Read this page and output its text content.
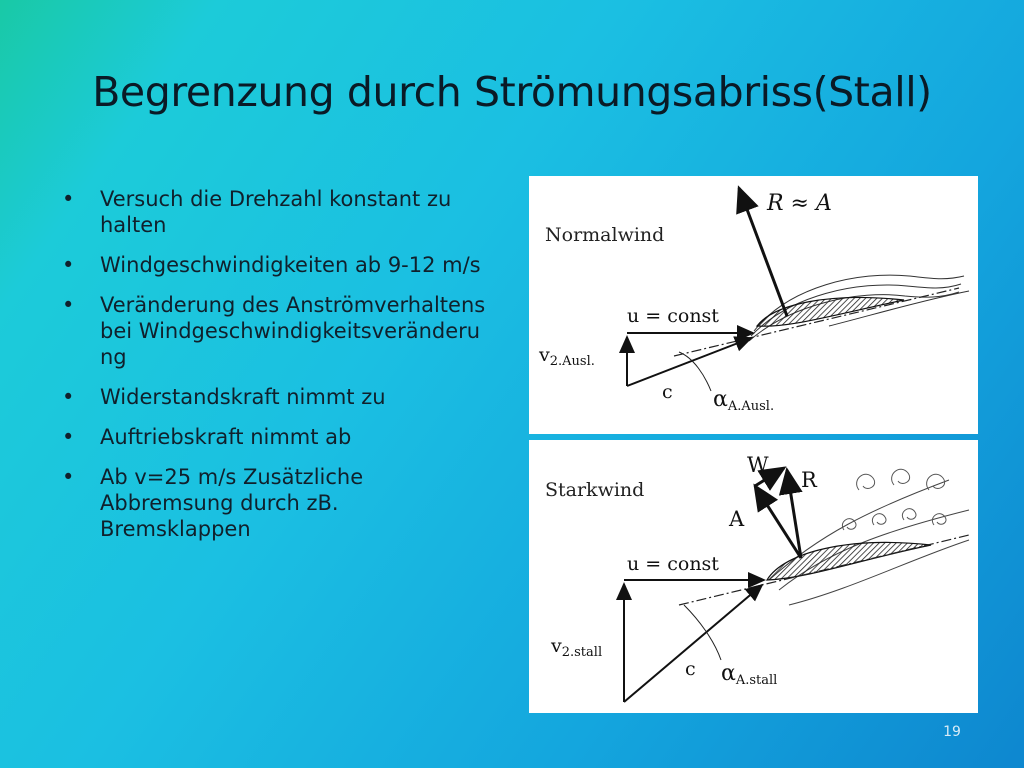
Begrenzung durch Strömungsabriss(Stall)
• Versuch die Drehzahl konstant zu halten
• Windgeschwindigkeiten ab 9-12 m/s
• Veränderung des Anströmverhaltens bei Windgeschwindigkeitsveränderung
• Widerstandskraft nimmt zu
• Auftriebskraft nimmt ab
• Ab v=25 m/s Zusätzliche Abbremsung durch zB. Bremsklappen
Normalwind
R ≈ A
u = const
$v_{2.Ausl.}$
c αA.Ausl.
Starkwind
W
R
A
u = const
$v_{2.stall}$
c αA.stall
19
